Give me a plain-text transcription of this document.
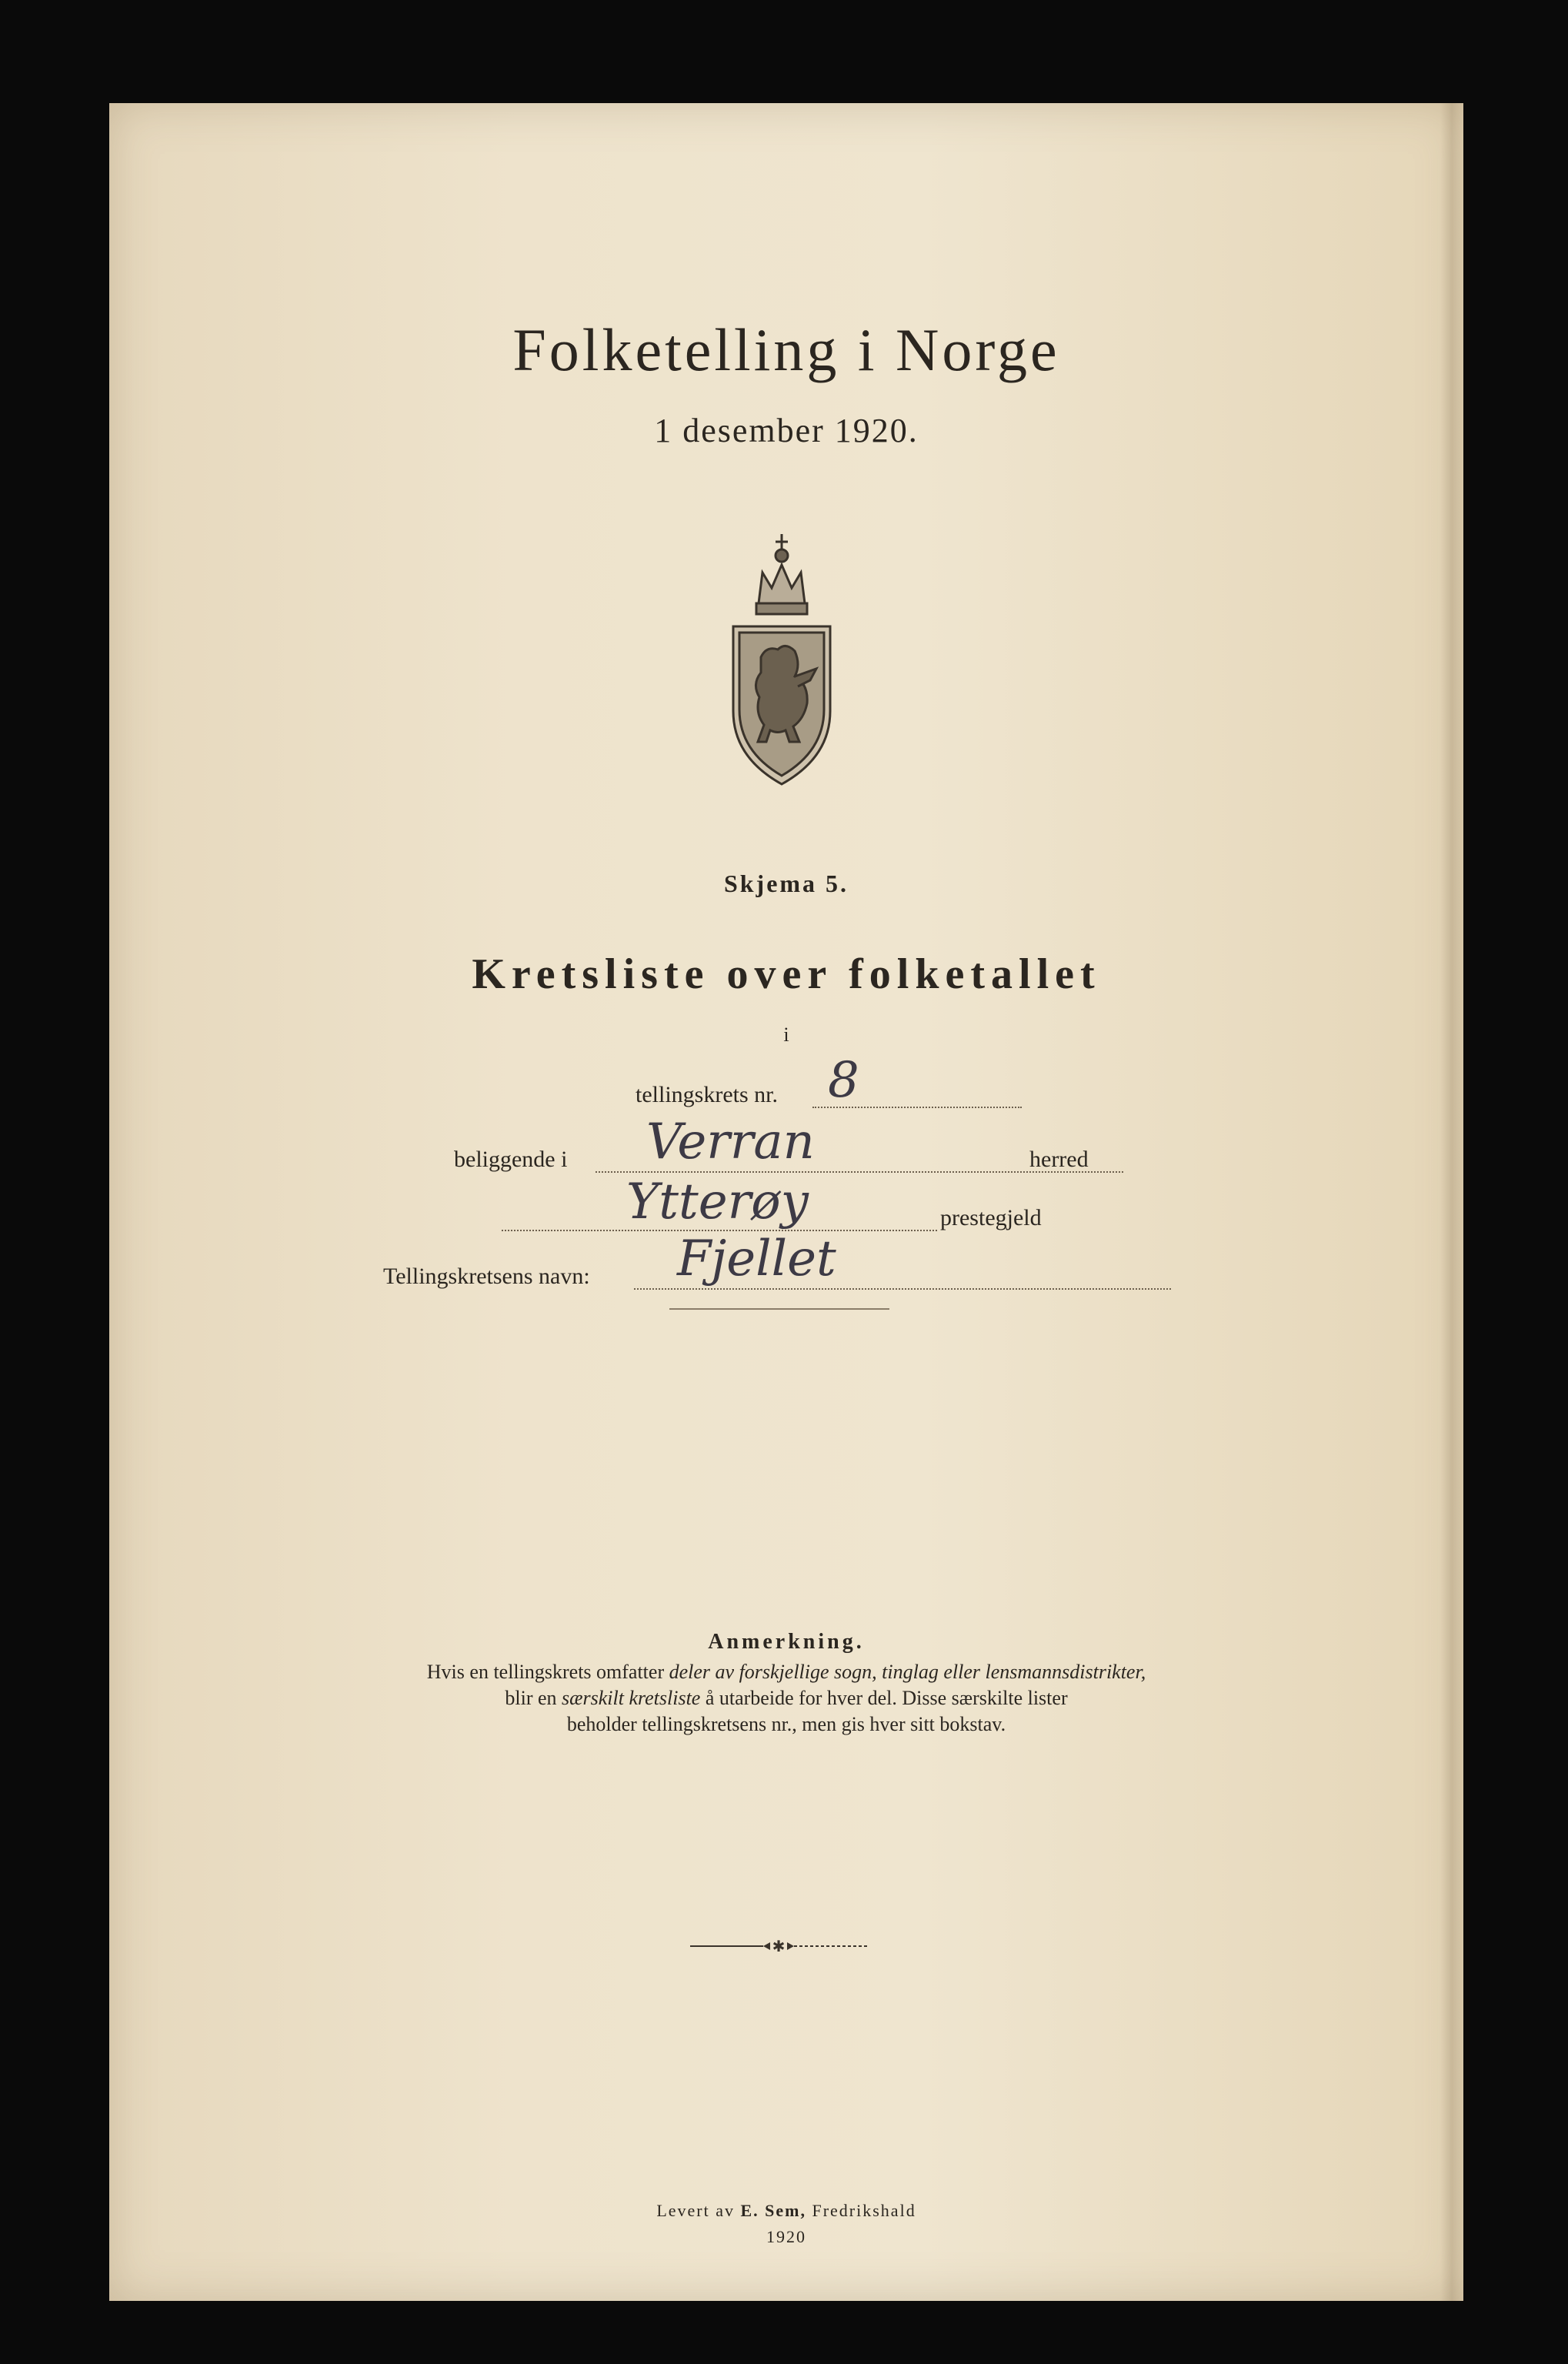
Folketelling i Norge
1 desember 1920.
Skjema 5.
Kretsliste over folketallet
i
tellingskrets nr. 8
beliggende i Verran	herred
Ytterøy	prestegjeld
Tellingskretsens navn: Fjellet
Anmerkning.
Hvis en tellingskrets omfatter deler av forskjellige sogn, tinglag eller lensmannsdistrikter,
blir en særskilt kretsliste å utarbeide for hver del. Disse særskilte lister
beholder tellingskretsens nr., men gis hver sitt bokstav.
✱
Levert av E. Sem, Fredrikshald
1920
